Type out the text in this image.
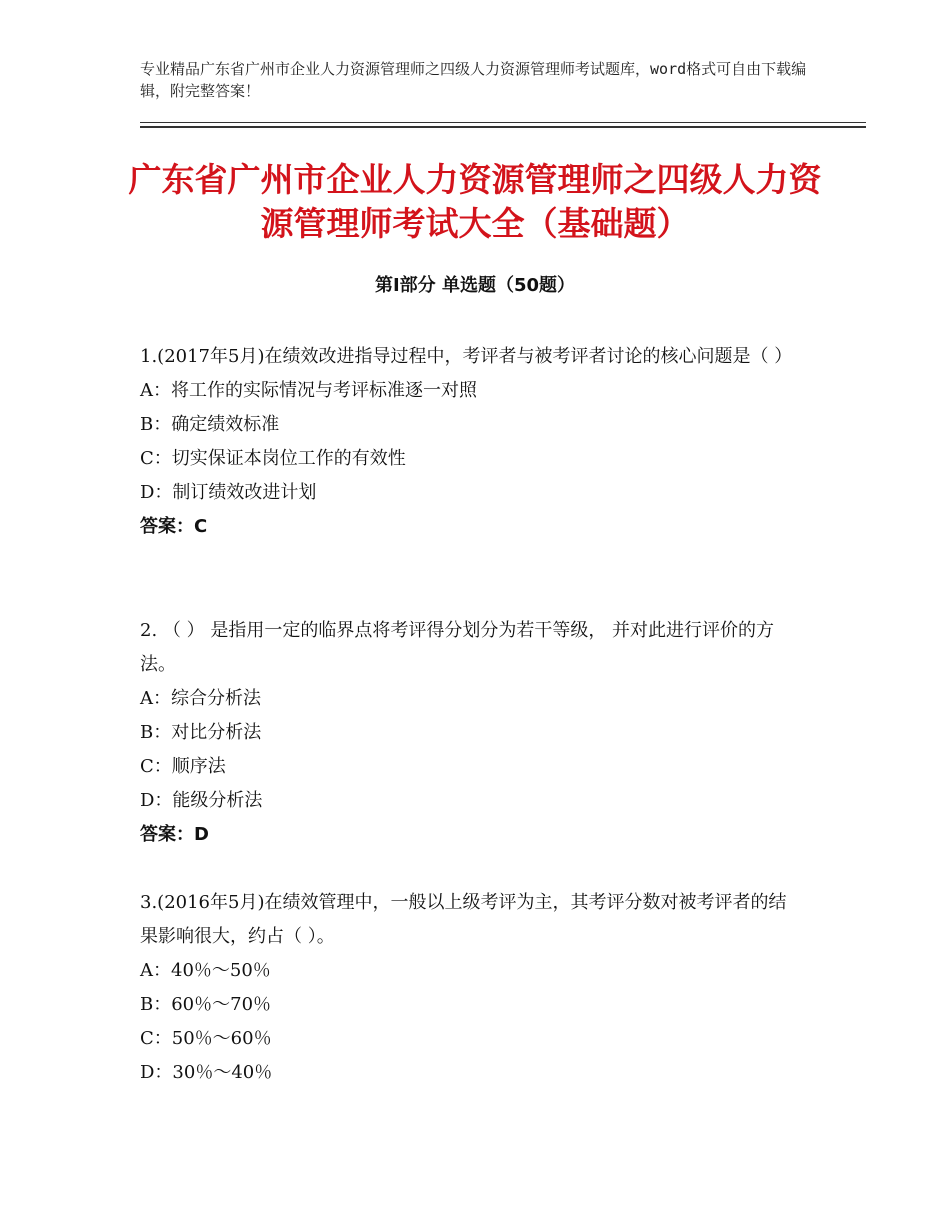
专业精品广东省广州市企业人力资源管理师之四级人力资源管理师考试题库，word格式可自由下载编辑，附完整答案！
广东省广州市企业人力资源管理师之四级人力资源管理师考试大全（基础题）
第Ⅰ部分 单选题（50题）

1.(2017年5月)在绩效改进指导过程中，考评者与被考评者讨论的核心问题是（ ）

A：将工作的实际情况与考评标准逐一对照

B：确定绩效标准

C：切实保证本岗位工作的有效性

D：制订绩效改进计划

答案：C

2. （ ） 是指用一定的临界点将考评得分划分为若干等级， 并对此进行评价的方法。

A：综合分析法

B：对比分析法

C：顺序法

D：能级分析法

答案：D

3.(2016年5月)在绩效管理中，一般以上级考评为主，其考评分数对被考评者的结果影响很大，约占（ ）。

A：40％～50％

B：60％～70％

C：50％～60％

D：30％～40％
